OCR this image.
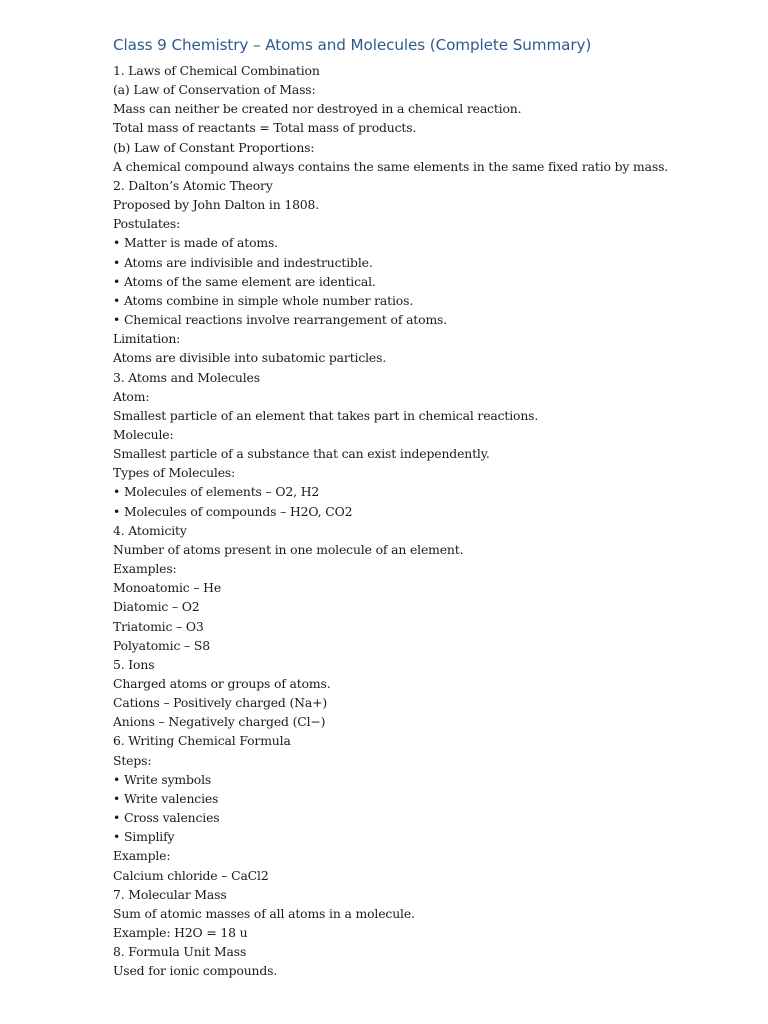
Class 9 Chemistry – Atoms and Molecules (Complete Summary)
1. Laws of Chemical Combination
(a) Law of Conservation of Mass:
Mass can neither be created nor destroyed in a chemical reaction.
Total mass of reactants = Total mass of products.
(b) Law of Constant Proportions:
A chemical compound always contains the same elements in the same fixed ratio by mass.
2. Dalton’s Atomic Theory
Proposed by John Dalton in 1808.
Postulates:
• Matter is made of atoms.
• Atoms are indivisible and indestructible.
• Atoms of the same element are identical.
• Atoms combine in simple whole number ratios.
• Chemical reactions involve rearrangement of atoms.
Limitation:
Atoms are divisible into subatomic particles.
3. Atoms and Molecules
Atom:
Smallest particle of an element that takes part in chemical reactions.
Molecule:
Smallest particle of a substance that can exist independently.
Types of Molecules:
• Molecules of elements – O2, H2
• Molecules of compounds – H2O, CO2
4. Atomicity
Number of atoms present in one molecule of an element.
Examples:
Monoatomic – He
Diatomic – O2
Triatomic – O3
Polyatomic – S8
5. Ions
Charged atoms or groups of atoms.
Cations – Positively charged (Na+)
Anions – Negatively charged (Cl−)
6. Writing Chemical Formula
Steps:
• Write symbols
• Write valencies
• Cross valencies
• Simplify
Example:
Calcium chloride – CaCl2
7. Molecular Mass
Sum of atomic masses of all atoms in a molecule.
Example: H2O = 18 u
8. Formula Unit Mass
Used for ionic compounds.
